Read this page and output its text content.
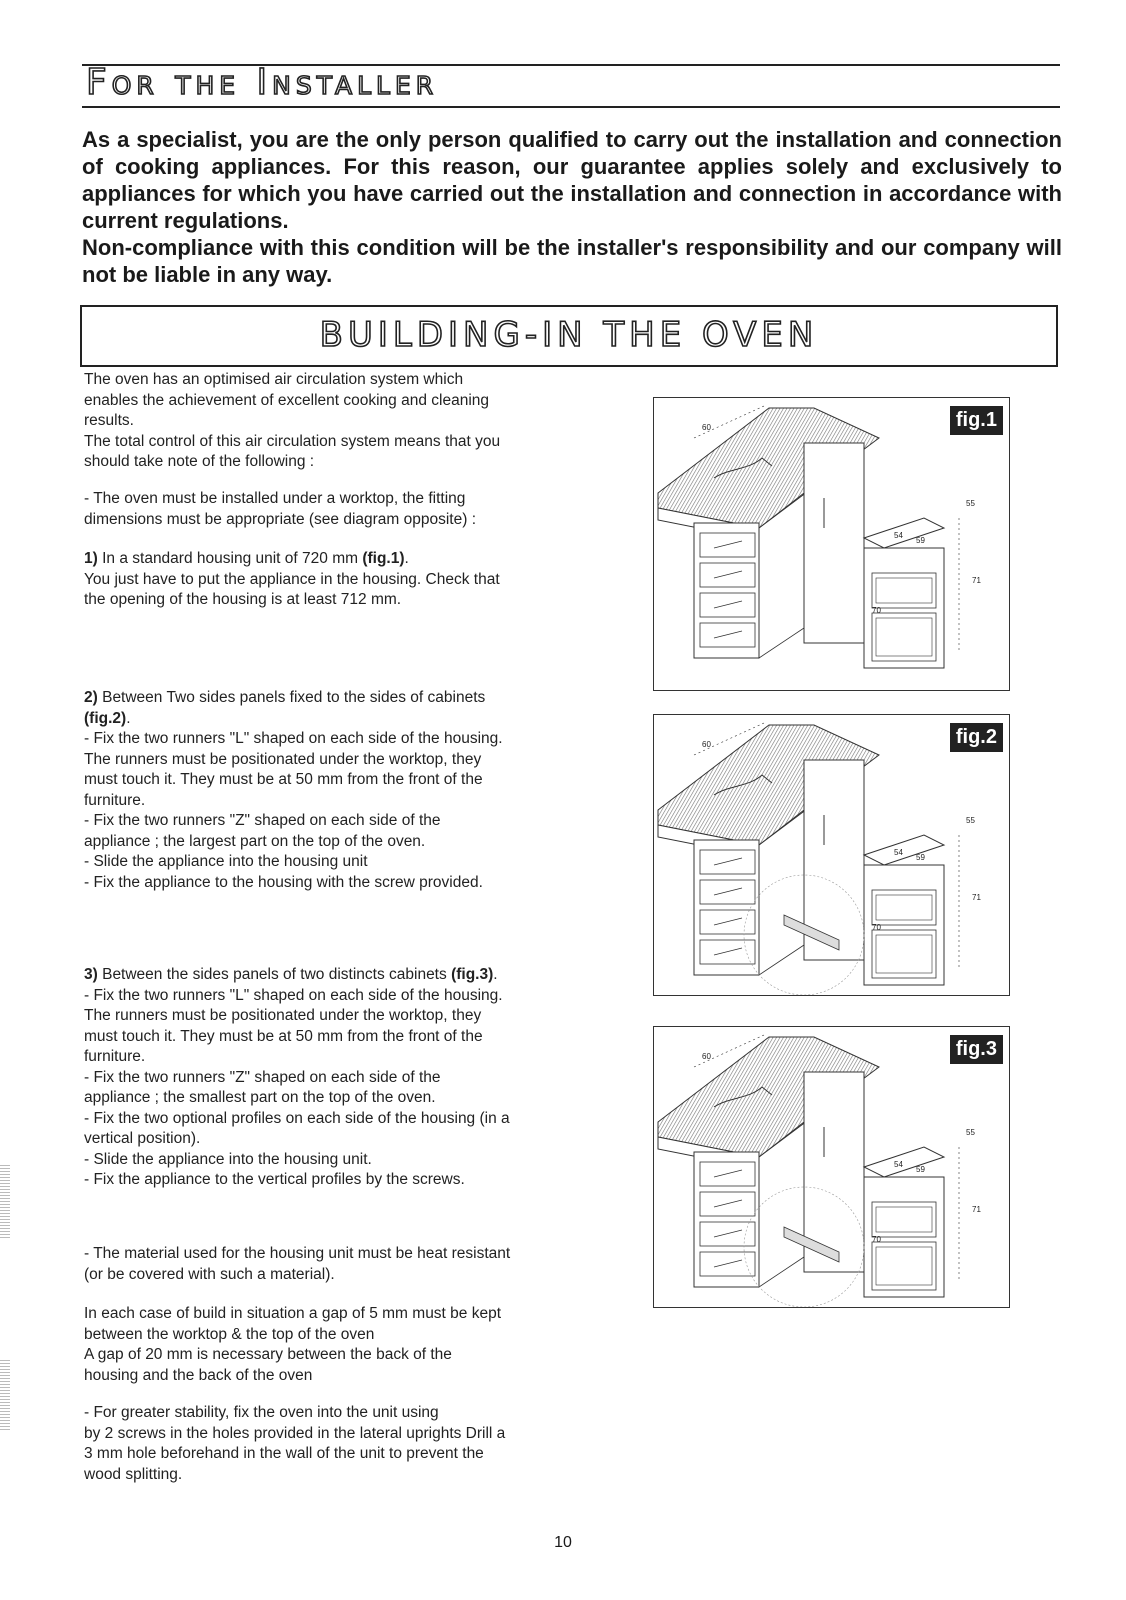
For the Installer

As a specialist, you are the only person qualified to carry out the installation and connection of cooking appliances. For this reason, our guarantee applies solely and exclusively to appliances for which you have carried out the installation and connection in accordance with current regulations.

Non-compliance with this condition will be the installer's responsibility and our company will not be liable in any way.

BUILDING-IN THE OVEN

The oven has an optimised air circulation system which

enables the achievement of excellent cooking and cleaning

results.

The total control of this air circulation system means that you

should take note of the following :

- The oven must be installed under a worktop, the fitting

dimensions must be appropriate (see diagram opposite) :

1) In a standard housing unit of 720 mm (fig.1).

You just have to put the appliance in the housing. Check that

the opening of the housing is at least 712 mm.

2) Between Two sides panels fixed to the sides of cabinets

(fig.2).

- Fix the two runners "L" shaped on each side of the housing.

The runners must be positionated under the worktop, they

must touch it. They must be at 50 mm from the front of the

furniture.

- Fix the two runners "Z" shaped on each side of the

appliance ; the largest part on the top of the oven.

- Slide the appliance into the housing unit

- Fix the appliance to the housing with the screw provided.

3) Between the sides panels of two distincts cabinets (fig.3).

- Fix the two runners "L" shaped on each side of the housing.

The runners must be positionated under the worktop, they

must touch it. They must be at 50 mm from the front of the

furniture.

- Fix the two runners "Z" shaped on each side of the

appliance ; the smallest part on the top of the oven.

- Fix the two optional profiles on each side of the housing (in a

vertical position).

- Slide the appliance into the housing unit.

- Fix the appliance to the vertical profiles by the screws.

- The material used for the housing unit must be heat resistant

(or be covered with such a material).

In each case of build in situation a gap of 5 mm must be kept

between the worktop & the top of the oven

A gap of 20 mm is necessary between the back of the

housing and the back of the oven

- For greater stability, fix the oven into the unit using

by 2 screws in the holes provided in the lateral uprights Drill a

3 mm hole beforehand in the wall of the unit to prevent the

wood splitting.

60
55
54
59
71
70
fig.1
60
55
54
59
71
70
fig.2
60
55
54
59
71
70
fig.3
10
